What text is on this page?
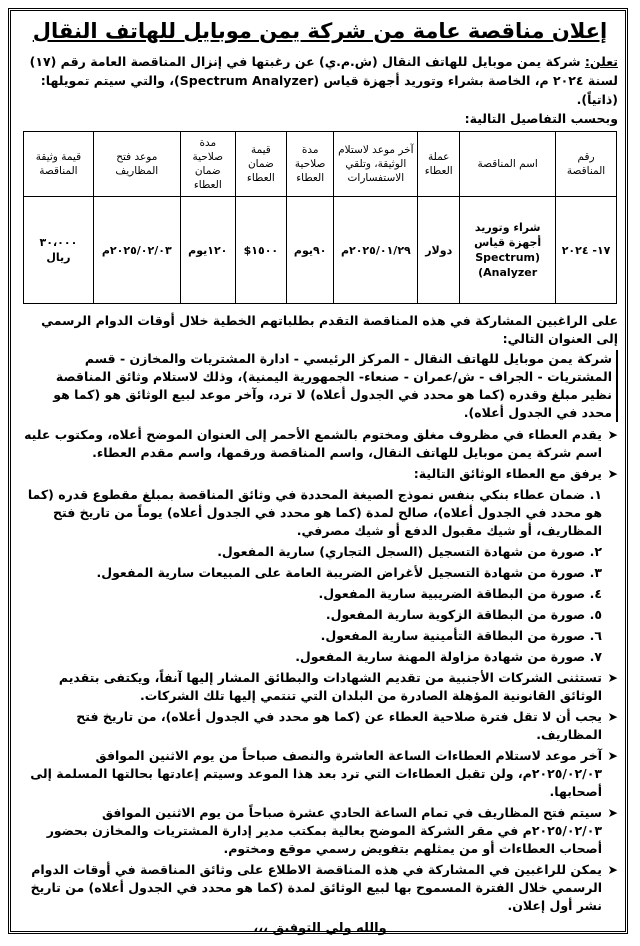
إعلان مناقصة عامة من شركة يمن موبايل للهاتف النقال
تعلن: شركة يمن موبايل للهاتف النقال (ش.م.ي) عن رغبتها في إنزال المناقصة العامة رقم (١٧) لسنة ٢٠٢٤ م، الخاصة بشراء وتوريد أجهزة قياس (Spectrum Analyzer)، والتي سيتم تمويلها: (ذاتياً).
وبحسب التفاصيل التالية:
رقم المناقصة	اسم المناقصة	عملة العطاء	آخر موعد لاستلام الوثيقة، وتلقي الاستفسارات	مدة صلاحية العطاء	قيمة ضمان العطاء	مدة صلاحية ضمان العطاء	موعد فتح المظاريف	قيمة وثيقة المناقصة
١٧- ٢٠٢٤	شراء وتوريد أجهزة قياس (Spectrum Analyzer)	دولار	٢٠٢٥/٠١/٢٩م	٩٠يوم	١٥٠٠$	١٢٠يوم	٢٠٢٥/٠٢/٠٣م	٣٠،٠٠٠ ريال
على الراغبين المشاركة في هذه المناقصة التقدم بطلباتهم الخطية خلال أوقات الدوام الرسمي إلى العنوان التالي:
شركة يمن موبايل للهاتف النقال - المركز الرئيسي - ادارة المشتريات والمخازن - قسم المشتريات - الجراف - ش/عمران - صنعاء- الجمهورية اليمنية)، وذلك لاستلام وثائق المناقصة نظير مبلغ وقدره (كما هو محدد في الجدول أعلاه) لا ترد، وآخر موعد لبيع الوثائق هو (كما هو محدد في الجدول أعلاه).
➤
يقدم العطاء في مظروف مغلق ومختوم بالشمع الأحمر إلى العنوان الموضح أعلاه، ومكتوب عليه اسم شركة يمن موبايل للهاتف النقال، واسم المناقصة ورقمها، واسم مقدم العطاء.
➤
يرفق مع العطاء الوثائق التالية:
١. ضمان عطاء بنكي بنفس نموذج الصيغة المحددة في وثائق المناقصة بمبلغ مقطوع قدره (كما هو محدد في الجدول أعلاه)، صالح لمدة (كما هو محدد في الجدول أعلاه) يوماً من تاريخ فتح المظاريف، أو شيك مقبول الدفع أو شيك مصرفي.
٢. صورة من شهادة التسجيل (السجل التجاري) سارية المفعول.
٣. صورة من شهادة التسجيل لأغراض الضريبة العامة على المبيعات سارية المفعول.
٤. صورة من البطاقة الضريبية سارية المفعول.
٥. صورة من البطاقة الزكوية سارية المفعول.
٦. صورة من البطاقة التأمينية سارية المفعول.
٧. صورة من شهادة مزاولة المهنة سارية المفعول.
➤
تستثنى الشركات الأجنبية من تقديم الشهادات والبطائق المشار إليها آنفاً، ويكتفى بتقديم الوثائق القانونية المؤهلة الصادرة من البلدان التي تنتمي إليها تلك الشركات.
➤
يجب أن لا تقل فترة صلاحية العطاء عن (كما هو محدد في الجدول أعلاه)، من تاريخ فتح المظاريف.
➤
آخر موعد لاستلام العطاءات الساعة العاشرة والنصف صباحاً من يوم الاثنين الموافق ٢٠٢٥/٠٢/٠٣م، ولن تقبل العطاءات التي ترد بعد هذا الموعد وسيتم إعادتها بحالتها المسلمة إلى أصحابها.
➤
سيتم فتح المظاريف في تمام الساعة الحادي عشرة صباحاً من يوم الاثنين الموافق ٢٠٢٥/٠٢/٠٣م في مقر الشركة الموضح بعالية بمكتب مدير إدارة المشتريات والمخازن بحضور أصحاب العطاءات أو من يمثلهم بتفويض رسمي موقع ومختوم.
➤
يمكن للراغبين في المشاركة في هذه المناقصة الاطلاع على وثائق المناقصة في أوقات الدوام الرسمي خلال الفترة المسموح بها لبيع الوثائق لمدة (كما هو محدد في الجدول أعلاه) من تاريخ نشر أول إعلان.
والله ولي التوفيق ،،،
